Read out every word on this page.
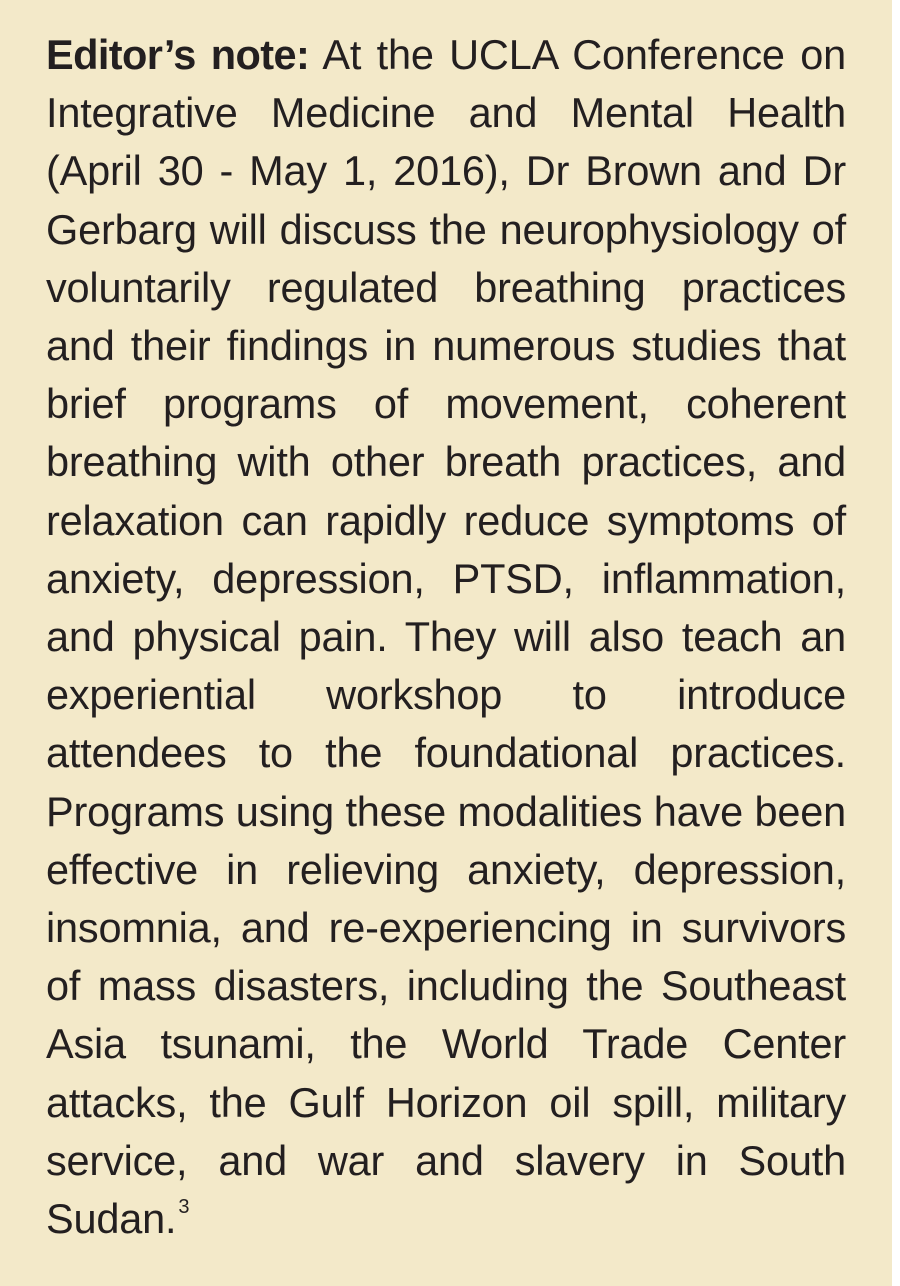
Editor’s note: At the UCLA Conference on Integrative Medicine and Mental Health (April 30 - May 1, 2016), Dr Brown and Dr Gerbarg will discuss the neurophysiology of voluntarily regulated breathing practices and their findings in numerous studies that brief programs of movement, coherent breathing with other breath practices, and relaxation can rapidly reduce symptoms of anxiety, depression, PTSD, inflammation, and physical pain. They will also teach an experiential workshop to introduce attendees to the foundational practices. Programs using these modalities have been effective in relieving anxiety, depression, insomnia, and re-experiencing in survivors of mass disasters, including the Southeast Asia tsunami, the World Trade Center attacks, the Gulf Horizon oil spill, military service, and war and slavery in South Sudan. $^3$
